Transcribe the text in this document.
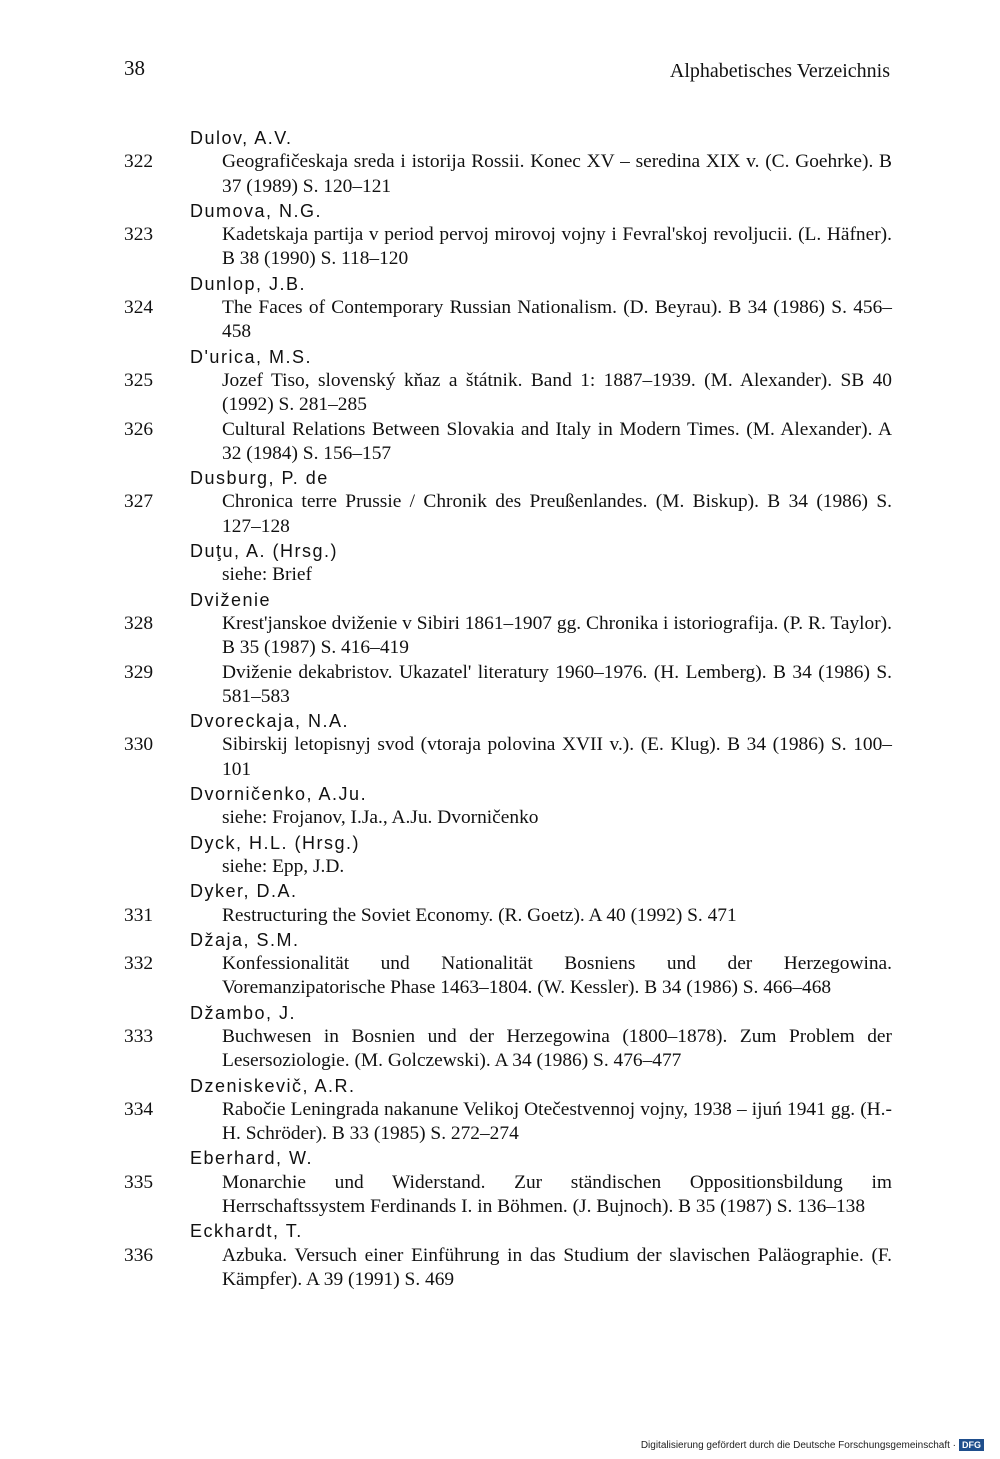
38	Alphabetisches Verzeichnis
Dulov, A.V.
322	Geografičeskaja sreda i istorija Rossii. Konec XV – seredina XIX v. (C. Goehrke). B 37 (1989) S. 120–121
Dumova, N.G.
323	Kadetskaja partija v period pervoj mirovoj vojny i Fevral'skoj revoljucii. (L. Häfner). B 38 (1990) S. 118–120
Dunlop, J.B.
324	The Faces of Contemporary Russian Nationalism. (D. Beyrau). B 34 (1986) S. 456–458
D'urica, M.S.
325	Jozef Tiso, slovenský kňaz a štátnik. Band 1: 1887–1939. (M. Alexander). SB 40 (1992) S. 281–285
326	Cultural Relations Between Slovakia and Italy in Modern Times. (M. Alexander). A 32 (1984) S. 156–157
Dusburg, P. de
327	Chronica terre Prussie / Chronik des Preußenlandes. (M. Biskup). B 34 (1986) S. 127–128
Duţu, A. (Hrsg.)
siehe: Brief
Dviženie
328	Krest'janskoe dviženie v Sibiri 1861–1907 gg. Chronika i istoriografija. (P. R. Taylor). B 35 (1987) S. 416–419
329	Dviženie dekabristov. Ukazatel' literatury 1960–1976. (H. Lemberg). B 34 (1986) S. 581–583
Dvoreckaja, N.A.
330	Sibirskij letopisnyj svod (vtoraja polovina XVII v.). (E. Klug). B 34 (1986) S. 100–101
Dvorničenko, A.Ju.
siehe: Frojanov, I.Ja., A.Ju. Dvorničenko
Dyck, H.L. (Hrsg.)
siehe: Epp, J.D.
Dyker, D.A.
331	Restructuring the Soviet Economy. (R. Goetz). A 40 (1992) S. 471
Džaja, S.M.
332	Konfessionalität und Nationalität Bosniens und der Herzegowina. Voremanzipatorische Phase 1463–1804. (W. Kessler). B 34 (1986) S. 466–468
Džambo, J.
333	Buchwesen in Bosnien und der Herzegowina (1800–1878). Zum Problem der Lesersoziologie. (M. Golczewski). A 34 (1986) S. 476–477
Dzeniskevič, A.R.
334	Rabočie Leningrada nakanune Velikoj Otečestvennoj vojny, 1938 – ijuń 1941 gg. (H.-H. Schröder). B 33 (1985) S. 272–274
Eberhard, W.
335	Monarchie und Widerstand. Zur ständischen Oppositionsbildung im Herrschaftssystem Ferdinands I. in Böhmen. (J. Bujnoch). B 35 (1987) S. 136–138
Eckhardt, T.
336	Azbuka. Versuch einer Einführung in das Studium der slavischen Paläographie. (F. Kämpfer). A 39 (1991) S. 469
Digitalisierung gefördert durch die Deutsche Forschungsgemeinschaft · DFG
